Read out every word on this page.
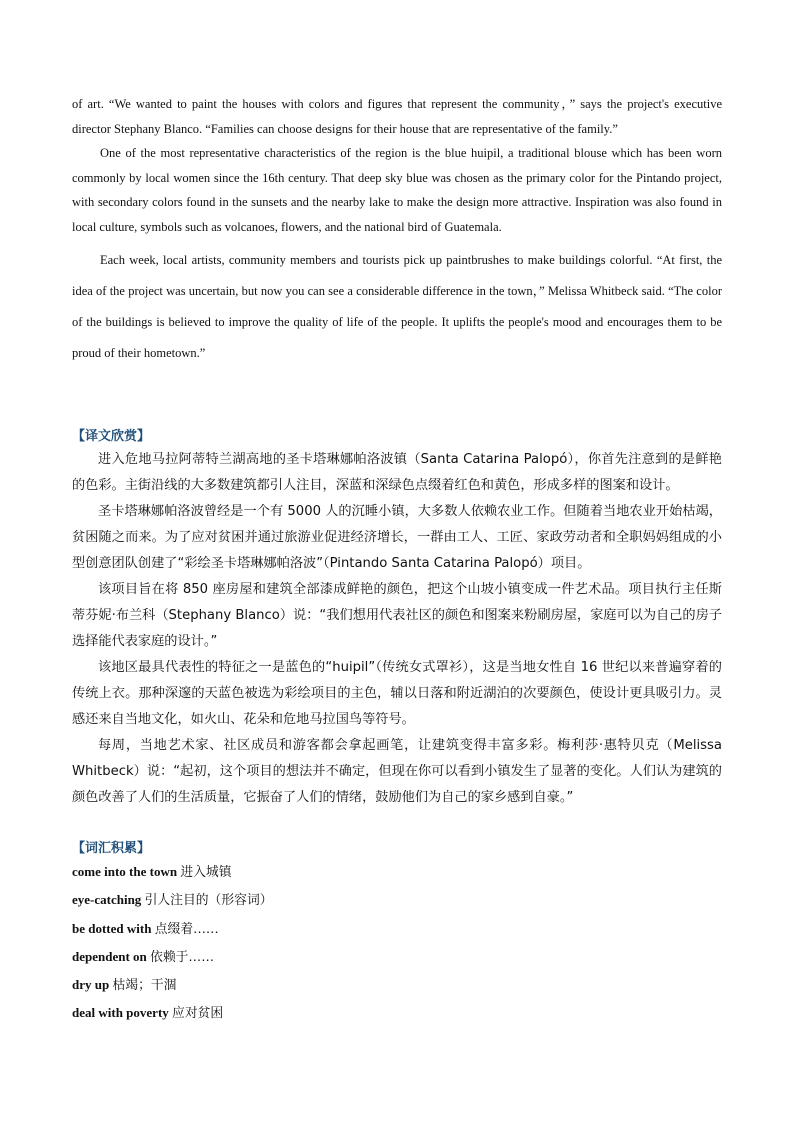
of art. “We wanted to paint the houses with colors and figures that represent the community，” says the project's executive director Stephany Blanco. “Families can choose designs for their house that are representative of the family.”

One of the most representative characteristics of the region is the blue huipil, a traditional blouse which has been worn commonly by local women since the 16th century. That deep sky blue was chosen as the primary color for the Pintando project, with secondary colors found in the sunsets and the nearby lake to make the design more attractive. Inspiration was also found in local culture, symbols such as volcanoes, flowers, and the national bird of Guatemala.

Each week, local artists, community members and tourists pick up paintbrushes to make buildings colorful. “At first, the idea of the project was uncertain, but now you can see a considerable difference in the town，” Melissa Whitbeck said. “The color of the buildings is believed to improve the quality of life of the people. It uplifts the people's mood and encourages them to be proud of their hometown.”

【译文欣赏】

进入危地马拉阿蒂特兰湖高地的圣卡塔琳娜帕洛波镇（Santa Catarina Palopó），你首先注意到的是鲜艳的色彩。主街沿线的大多数建筑都引人注目，深蓝和深绿色点缀着红色和黄色，形成多样的图案和设计。

圣卡塔琳娜帕洛波曾经是一个有 5000 人的沉睡小镇，大多数人依赖农业工作。但随着当地农业开始枯竭，贫困随之而来。为了应对贫困并通过旅游业促进经济增长，一群由工人、工匠、家政劳动者和全职妈妈组成的小型创意团队创建了“彩绘圣卡塔琳娜帕洛波”（Pintando Santa Catarina Palopó）项目。

该项目旨在将 850 座房屋和建筑全部漆成鲜艳的颜色，把这个山坡小镇变成一件艺术品。项目执行主任斯蒂芬妮·布兰科（Stephany Blanco）说：“我们想用代表社区的颜色和图案来粉刷房屋，家庭可以为自己的房子选择能代表家庭的设计。”

该地区最具代表性的特征之一是蓝色的“huipil”（传统女式罩衫），这是当地女性自 16 世纪以来普遍穿着的传统上衣。那种深邃的天蓝色被选为彩绘项目的主色，辅以日落和附近湖泊的次要颜色，使设计更具吸引力。灵感还来自当地文化，如火山、花朵和危地马拉国鸟等符号。

每周，当地艺术家、社区成员和游客都会拿起画笔，让建筑变得丰富多彩。梅利莎·惠特贝克（Melissa Whitbeck）说：“起初，这个项目的想法并不确定，但现在你可以看到小镇发生了显著的变化。人们认为建筑的颜色改善了人们的生活质量，它振奋了人们的情绪，鼓励他们为自己的家乡感到自豪。”

【词汇积累】
come into the town 进入城镇
eye-catching 引人注目的（形容词）
be dotted with 点缀着……
dependent on 依赖于……
dry up 枯竭；干涸
deal with poverty 应对贫困
